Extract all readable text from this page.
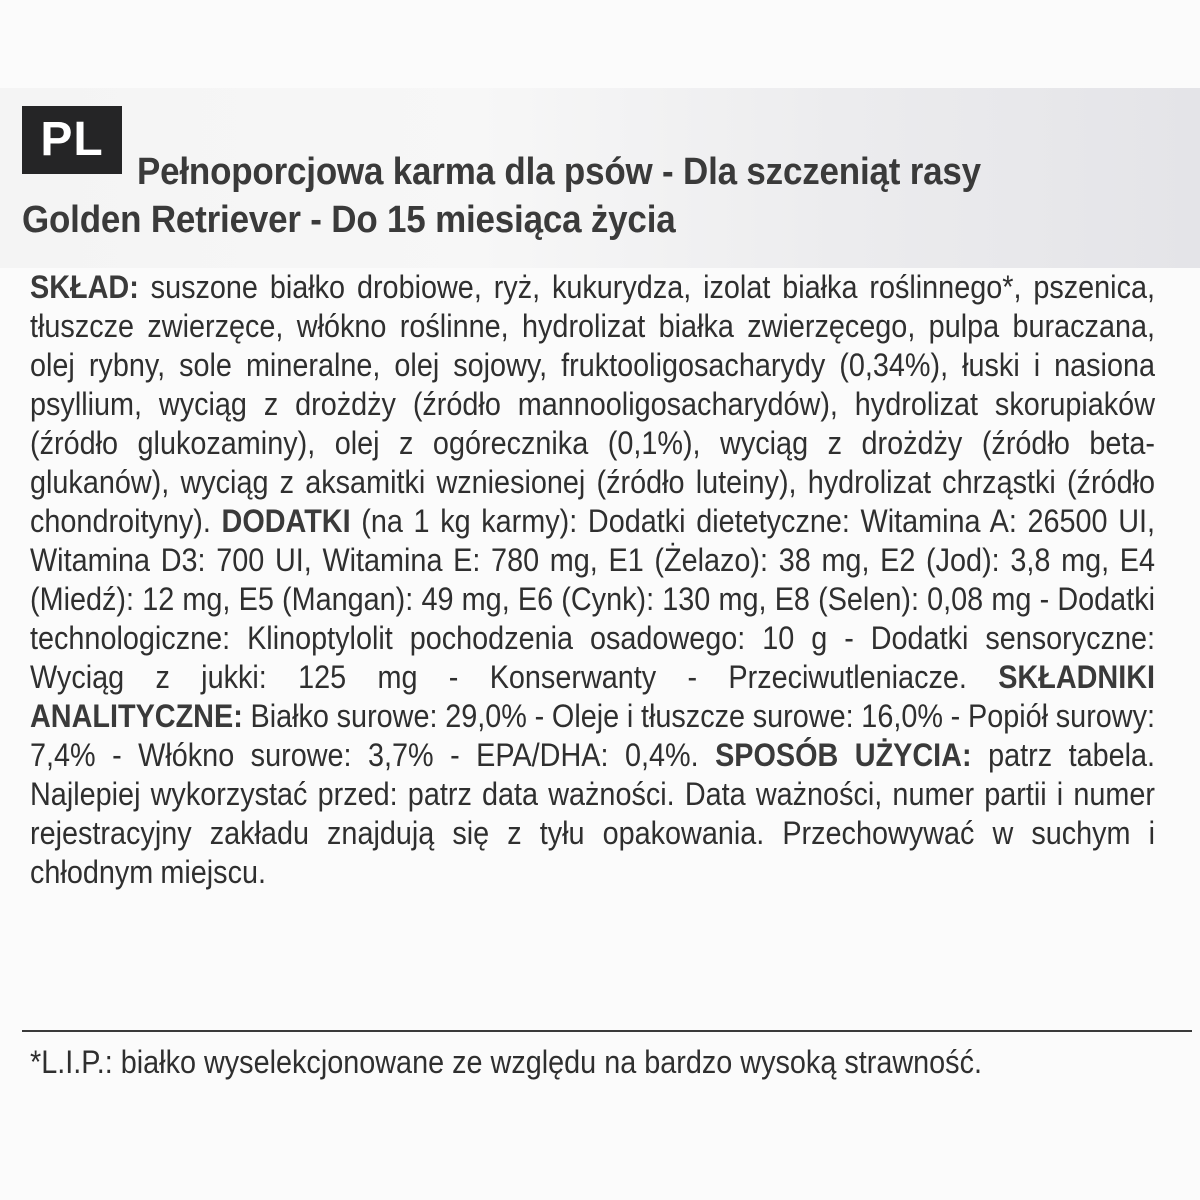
PL

Pełnoporcjowa karma dla psów - Dla szczeniąt rasy Golden Retriever - Do 15 miesiąca życia

SKŁAD: suszone białko drobiowe, ryż, kukurydza, izolat białka roślinnego*, pszenica, tłuszcze zwierzęce, włókno roślinne, hydrolizat białka zwierzęcego, pulpa buraczana, olej rybny, sole mineralne, olej sojowy, fruktooligosacharydy (0,34%), łuski i nasiona psyllium, wyciąg z drożdży (źródło mannooligosacharydów), hydrolizat skorupiaków (źródło glukozaminy), olej z ogórecznika (0,1%), wyciąg z drożdży (źródło beta-glukanów), wyciąg z aksamitki wzniesionej (źródło luteiny), hydrolizat chrząstki (źródło chondroityny). DODATKI (na 1 kg karmy): Dodatki dietetyczne: Witamina A: 26500 UI, Witamina D3: 700 UI, Witamina E: 780 mg, E1 (Żelazo): 38 mg, E2 (Jod): 3,8 mg, E4 (Miedź): 12 mg, E5 (Mangan): 49 mg, E6 (Cynk): 130 mg, E8 (Selen): 0,08 mg - Dodatki technologiczne: Klinoptylolit pochodzenia osadowego: 10 g - Dodatki sensoryczne: Wyciąg z jukki: 125 mg - Konserwanty - Przeciwutleniacze. SKŁADNIKI ANALITYCZNE: Białko surowe: 29,0% - Oleje i tłuszcze surowe: 16,0% - Popiół surowy: 7,4% - Włókno surowe: 3,7% - EPA/DHA: 0,4%. SPOSÓB UŻYCIA: patrz tabela. Najlepiej wykorzystać przed: patrz data ważności. Data ważności, numer partii i numer rejestracyjny zakładu znajdują się z tyłu opakowania. Przechowywać w suchym i chłodnym miejscu.

*L.I.P.: białko wyselekcjonowane ze względu na bardzo wysoką strawność.
